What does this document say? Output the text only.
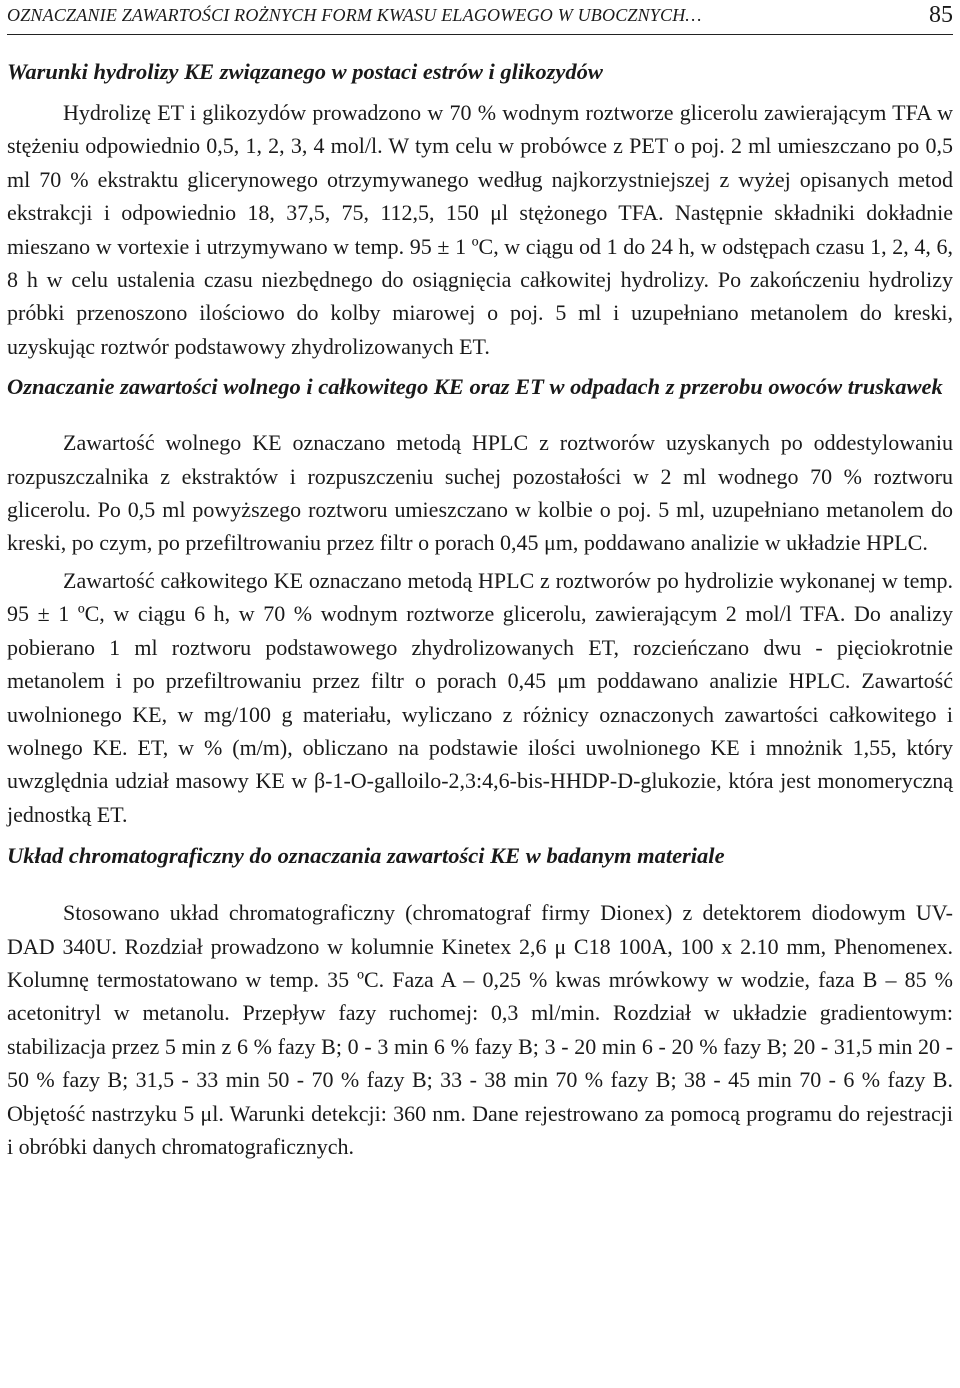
OZNACZANIE ZAWARTOŚCI ROŻNYCH FORM KWASU ELAGOWEGO W UBOCZNYCH…	85
Warunki hydrolizy KE związanego w postaci estrów i glikozydów

Hydrolizę ET i glikozydów prowadzono w 70 % wodnym roztworze glicerolu zawierającym TFA w stężeniu odpowiednio 0,5, 1, 2, 3, 4 mol/l. W tym celu w probówce z PET o poj. 2 ml umieszczano po 0,5 ml 70 % ekstraktu glicerynowego otrzymywanego według najkorzystniejszej z wyżej opisanych metod ekstrakcji i odpowiednio 18, 37,5, 75, 112,5, 150 μl stężonego TFA. Następnie składniki dokładnie mieszano w vortexie i utrzymywano w temp. 95 ± 1 ºC, w ciągu od 1 do 24 h, w odstępach czasu 1, 2, 4, 6, 8 h w celu ustalenia czasu niezbędnego do osiągnięcia całkowitej hydrolizy. Po zakończeniu hydrolizy próbki przenoszono ilościowo do kolby miarowej o poj. 5 ml i uzupełniano metanolem do kreski, uzyskując roztwór podstawowy zhydrolizowanych ET.

Oznaczanie zawartości wolnego i całkowitego KE oraz ET w odpadach z przerobu owoców truskawek

Zawartość wolnego KE oznaczano metodą HPLC z roztworów uzyskanych po oddestylowaniu rozpuszczalnika z ekstraktów i rozpuszczeniu suchej pozostałości w 2 ml wodnego 70 % roztworu glicerolu. Po 0,5 ml powyższego roztworu umieszczano w kolbie o poj. 5 ml, uzupełniano metanolem do kreski, po czym, po przefiltrowaniu przez filtr o porach 0,45 μm, poddawano analizie w układzie HPLC.

Zawartość całkowitego KE oznaczano metodą HPLC z roztworów po hydrolizie wykonanej w temp. 95 ± 1 ºC, w ciągu 6 h, w 70 % wodnym roztworze glicerolu, zawierającym 2 mol/l TFA. Do analizy pobierano 1 ml roztworu podstawowego zhydrolizowanych ET, rozcieńczano dwu - pięciokrotnie metanolem i po przefiltrowaniu przez filtr o porach 0,45 μm poddawano analizie HPLC. Zawartość uwolnionego KE, w mg/100 g materiału, wyliczano z różnicy oznaczonych zawartości całkowitego i wolnego KE. ET, w % (m/m), obliczano na podstawie ilości uwolnionego KE i mnożnik 1,55, który uwzględnia udział masowy KE w β-1-O-galloilo-2,3:4,6-bis-HHDP-D-glukozie, która jest monomeryczną jednostką ET.

Układ chromatograficzny do oznaczania zawartości KE w badanym materiale

Stosowano układ chromatograficzny (chromatograf firmy Dionex) z detektorem diodowym UV-DAD 340U. Rozdział prowadzono w kolumnie Kinetex 2,6 μ C18 100A, 100 x 2.10 mm, Phenomenex. Kolumnę termostatowano w temp. 35 ºC. Faza A – 0,25 % kwas mrówkowy w wodzie, faza B – 85 % acetonitryl w metanolu. Przepływ fazy ruchomej: 0,3 ml/min. Rozdział w układzie gradientowym: stabilizacja przez 5 min z 6 % fazy B; 0 - 3 min 6 % fazy B; 3 - 20 min 6 - 20 % fazy B; 20 - 31,5 min 20 - 50 % fazy B; 31,5 - 33 min 50 - 70 % fazy B; 33 - 38 min 70 % fazy B; 38 - 45 min 70 - 6 % fazy B. Objętość nastrzyku 5 μl. Warunki detekcji: 360 nm. Dane rejestrowano za pomocą programu do rejestracji i obróbki danych chromatograficznych.
